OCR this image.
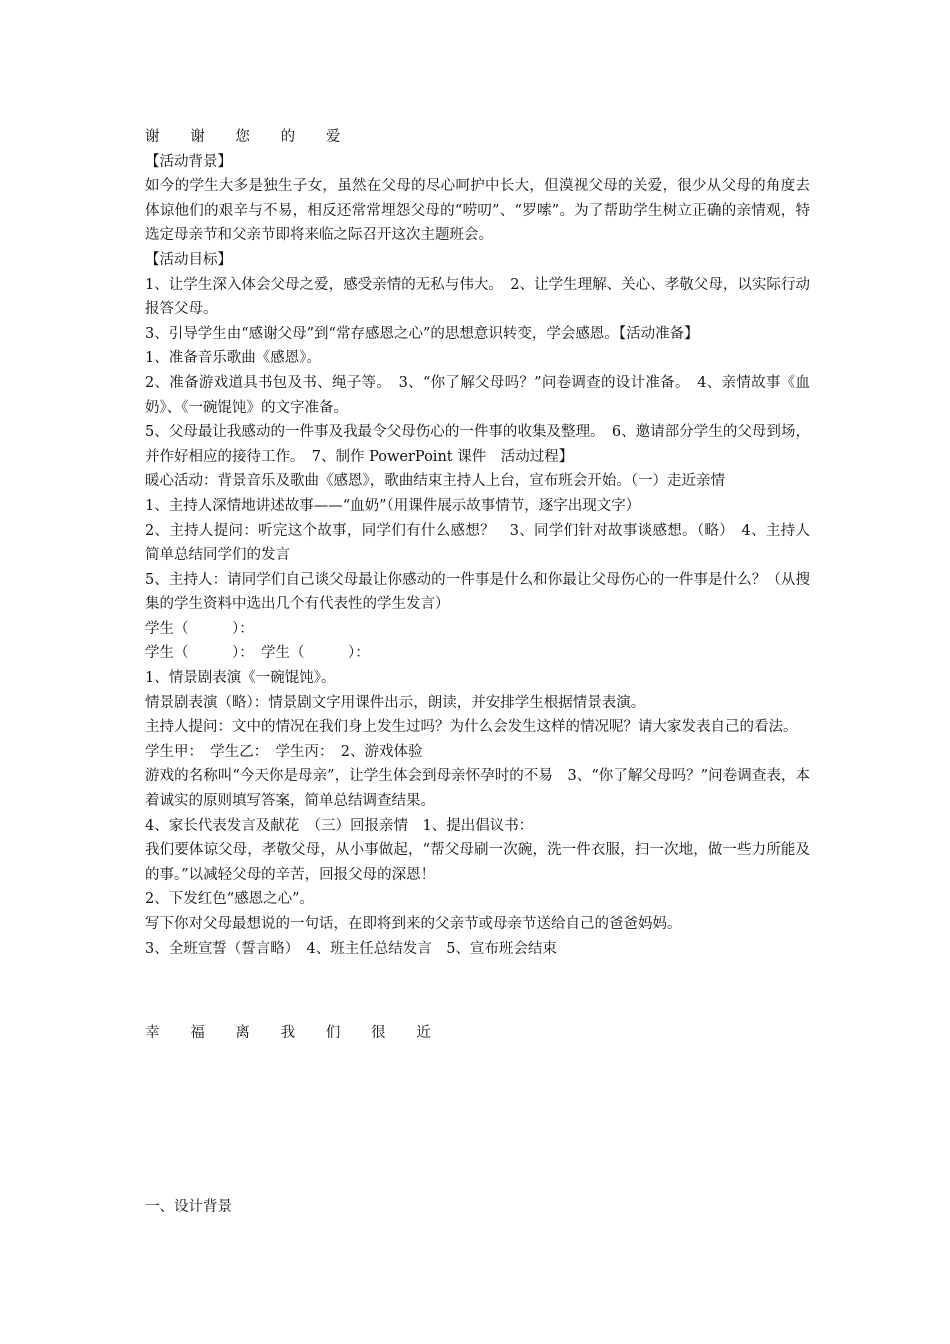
谢 谢 您 的 爱

【活动背景】

如今的学生大多是独生子女，虽然在父母的尽心呵护中长大，但漠视父母的关爱，很少从父母的角度去体谅他们的艰辛与不易，相反还常常埋怨父母的“唠叨”、“罗嗦”。为了帮助学生树立正确的亲情观，特选定母亲节和父亲节即将来临之际召开这次主题班会。

【活动目标】

1、让学生深入体会父母之爱，感受亲情的无私与伟大。　2、让学生理解、关心、孝敬父母，以实际行动报答父母。

3、引导学生由“感谢父母”到“常存感恩之心”的思想意识转变，学会感恩。【活动准备】

1、准备音乐歌曲《感恩》。

2、准备游戏道具书包及书、绳子等。　3、“你了解父母吗？”问卷调查的设计准备。　4、亲情故事《血奶》、《一碗馄饨》的文字准备。

5、父母最让我感动的一件事及我最令父母伤心的一件事的收集及整理。　6、邀请部分学生的父母到场，并作好相应的接待工作。　7、制作 PowerPoint 课件　活动过程】

暖心活动：背景音乐及歌曲《感恩》，歌曲结束主持人上台，宣布班会开始。（一）走近亲情

1、主持人深情地讲述故事——“血奶”（用课件展示故事情节，逐字出现文字）

2、主持人提问：听完这个故事，同学们有什么感想？　3、同学们针对故事谈感想。（略）　4、主持人简单总结同学们的发言

5、主持人：请同学们自己谈父母最让你感动的一件事是什么和你最让父母伤心的一件事是什么？（从搜集的学生资料中选出几个有代表性的学生发言）

学生（　　　）：

学生（　　　）：　学生（　　　）：

1、情景剧表演《一碗馄饨》。

情景剧表演（略）：情景剧文字用课件出示，朗读，并安排学生根据情景表演。

主持人提问：文中的情况在我们身上发生过吗？为什么会发生这样的情况呢？请大家发表自己的看法。

学生甲：　学生乙：　学生丙：　2、游戏体验

游戏的名称叫“今天你是母亲”，让学生体会到母亲怀孕时的不易　3、“你了解父母吗？”问卷调查表，本着诚实的原则填写答案，简单总结调查结果。

4、家长代表发言及献花　（三）回报亲情　1、提出倡议书：

我们要体谅父母，孝敬父母，从小事做起，“帮父母刷一次碗，洗一件衣服，扫一次地，做一些力所能及的事。”以减轻父母的辛苦，回报父母的深恩！

2、下发红色“感恩之心”。

写下你对父母最想说的一句话，在即将到来的父亲节或母亲节送给自己的爸爸妈妈。

3、全班宣誓（誓言略）　4、班主任总结发言　5、宣布班会结束

幸 福 离 我 们 很 近

一、设计背景
